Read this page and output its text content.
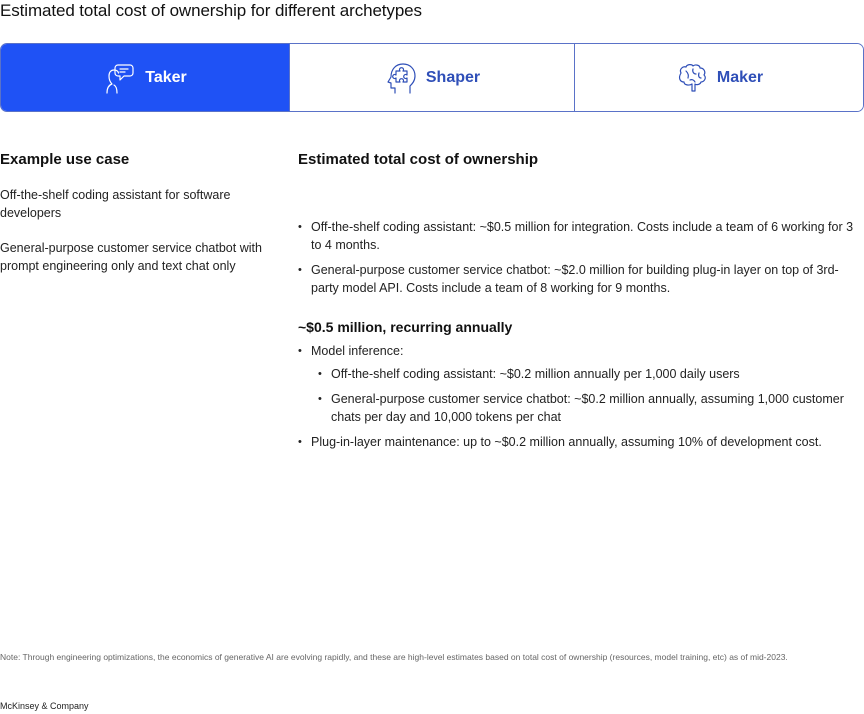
Estimated total cost of ownership for different archetypes
Taker	Shaper	Maker
Example use case
Off-the-shelf coding assistant for software developers
General-purpose customer service chatbot with prompt engineering only and text chat only
Estimated total cost of ownership
• Off-the-shelf coding assistant: ~$0.5 million for integration. Costs include a team of 6 working for 3 to 4 months.
• General-purpose customer service chatbot: ~$2.0 million for building plug-in layer on top of 3rd-party model API. Costs include a team of 8 working for 9 months.
~$0.5 million, recurring annually
• Model inference:
• Off-the-shelf coding assistant: ~$0.2 million annually per 1,000 daily users
• General-purpose customer service chatbot: ~$0.2 million annually, assuming 1,000 customer chats per day and 10,000 tokens per chat
• Plug-in-layer maintenance: up to ~$0.2 million annually, assuming 10% of development cost.
Note: Through engineering optimizations, the economics of generative AI are evolving rapidly, and these are high-level estimates based on total cost of ownership (resources, model training, etc) as of mid-2023.
McKinsey & Company
